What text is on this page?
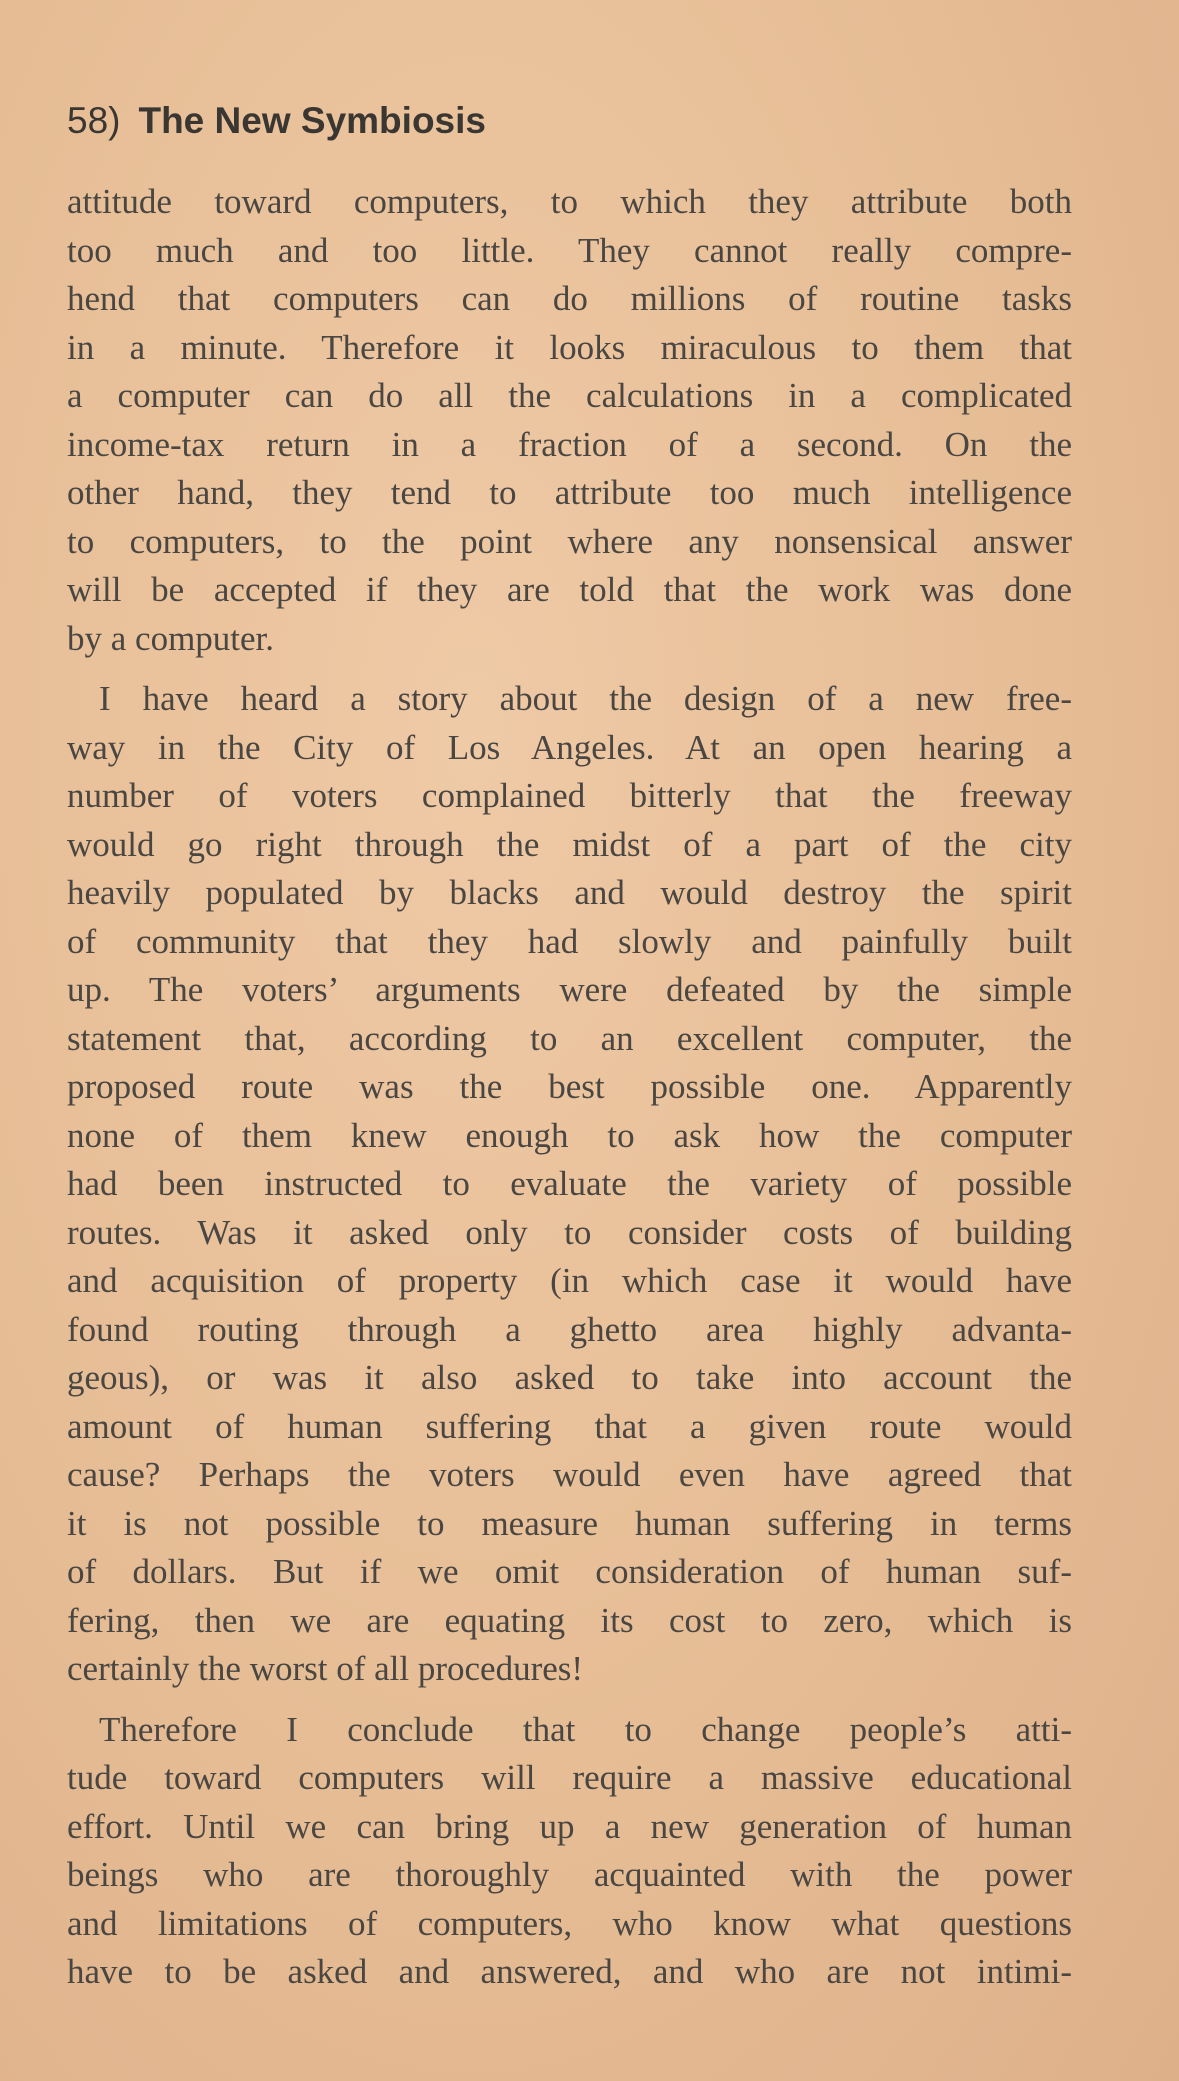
58) The New Symbiosis
attitude toward computers, to which they attribute both
too much and too little. They cannot really compre-
hend that computers can do millions of routine tasks
in a minute. Therefore it looks miraculous to them that
a computer can do all the calculations in a complicated
income-tax return in a fraction of a second. On the
other hand, they tend to attribute too much intelligence
to computers, to the point where any nonsensical answer
will be accepted if they are told that the work was done
by a computer.
I have heard a story about the design of a new free-
way in the City of Los Angeles. At an open hearing a
number of voters complained bitterly that the freeway
would go right through the midst of a part of the city
heavily populated by blacks and would destroy the spirit
of community that they had slowly and painfully built
up. The voters’ arguments were defeated by the simple
statement that, according to an excellent computer, the
proposed route was the best possible one. Apparently
none of them knew enough to ask how the computer
had been instructed to evaluate the variety of possible
routes. Was it asked only to consider costs of building
and acquisition of property (in which case it would have
found routing through a ghetto area highly advanta-
geous), or was it also asked to take into account the
amount of human suffering that a given route would
cause? Perhaps the voters would even have agreed that
it is not possible to measure human suffering in terms
of dollars. But if we omit consideration of human suf-
fering, then we are equating its cost to zero, which is
certainly the worst of all procedures!
Therefore I conclude that to change people’s atti-
tude toward computers will require a massive educational
effort. Until we can bring up a new generation of human
beings who are thoroughly acquainted with the power
and limitations of computers, who know what questions
have to be asked and answered, and who are not intimi-
